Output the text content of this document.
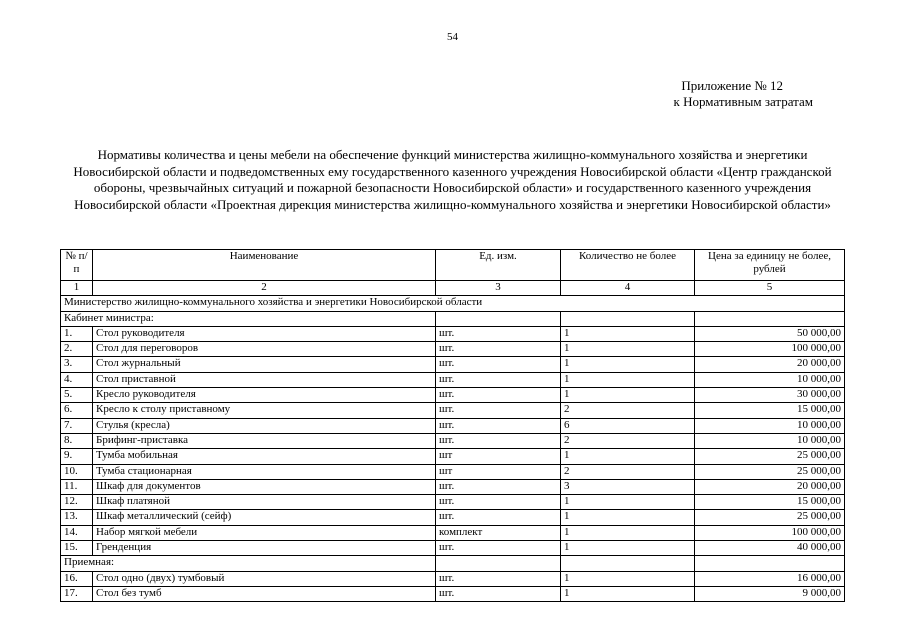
54
Приложение № 12
к Нормативным затратам
Нормативы количества и цены мебели на обеспечение функций министерства жилищно-коммунального хозяйства и энергетики Новосибирской области и подведомственных ему государственного казенного учреждения Новосибирской области «Центр гражданской обороны, чрезвычайных ситуаций и пожарной безопасности Новосибирской области» и государственного казенного учреждения Новосибирской области «Проектная дирекция министерства жилищно-коммунального хозяйства и энергетики Новосибирской области»
№ п/п	Наименование	Ед. изм.	Количество не более	Цена за единицу не более, рублей
1	2	3	4	5
Министерство жилищно-коммунального хозяйства и энергетики Новосибирской области				
Кабинет министра:				
1.	Стол руководителя	шт.	1	50 000,00
2.	Стол для переговоров	шт.	1	100 000,00
3.	Стол журнальный	шт.	1	20 000,00
4.	Стол приставной	шт.	1	10 000,00
5.	Кресло руководителя	шт.	1	30 000,00
6.	Кресло к столу приставному	шт.	2	15 000,00
7.	Стулья (кресла)	шт.	6	10 000,00
8.	Брифинг-приставка	шт.	2	10 000,00
9.	Тумба мобильная	шт	1	25 000,00
10.	Тумба стационарная	шт	2	25 000,00
11.	Шкаф для документов	шт.	3	20 000,00
12.	Шкаф платяной	шт.	1	15 000,00
13.	Шкаф металлический (сейф)	шт.	1	25 000,00
14.	Набор мягкой мебели	комплект	1	100 000,00
15.	Гренденция	шт.	1	40 000,00
Приемная:				
16.	Стол одно (двух) тумбовый	шт.	1	16 000,00
17.	Стол без тумб	шт.	1	9 000,00
